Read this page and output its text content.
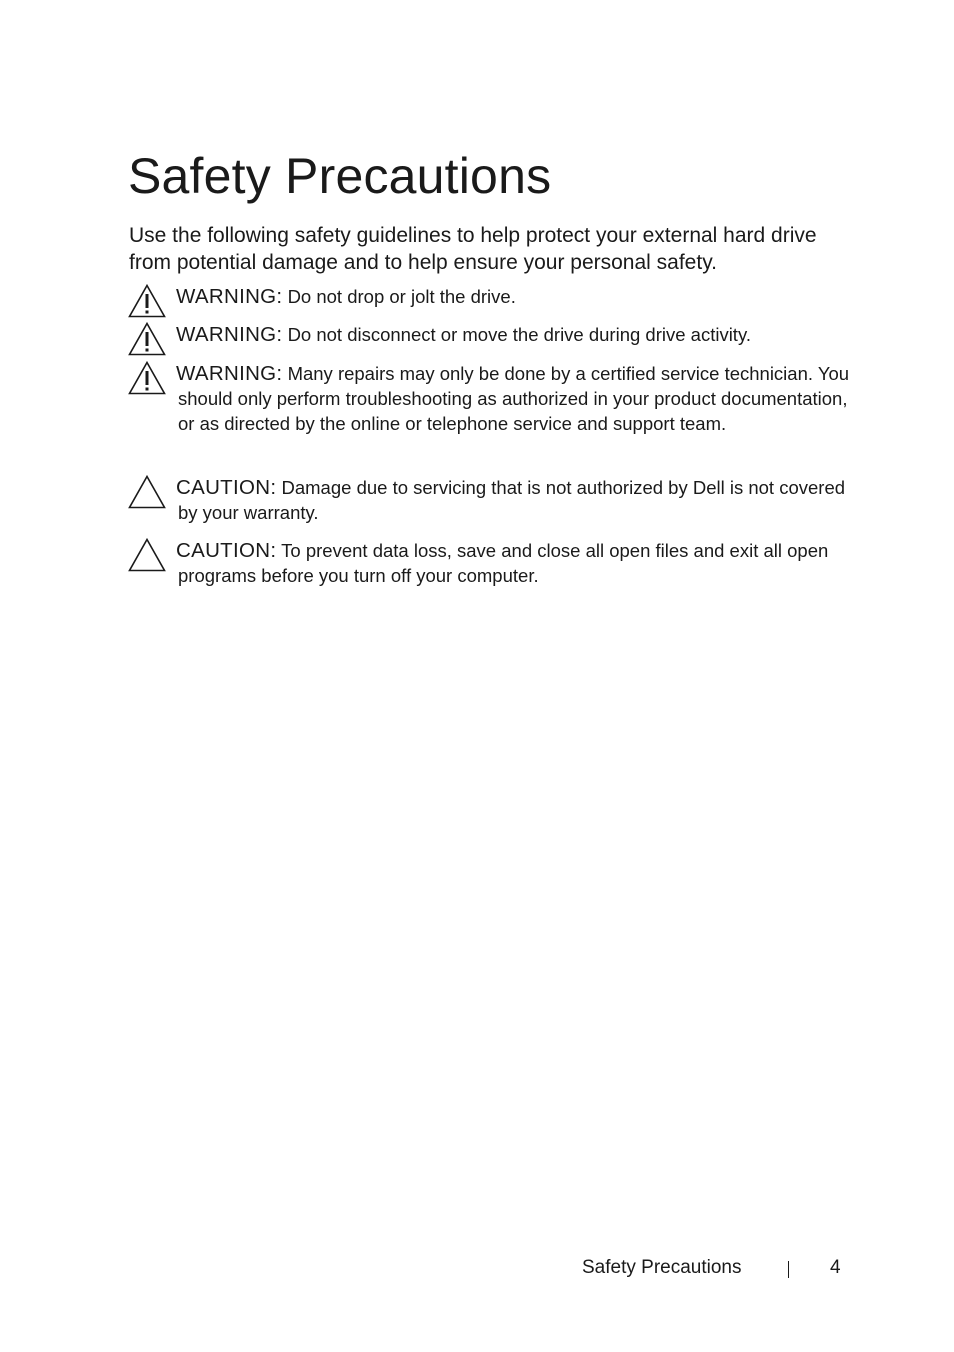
Safety Precautions

Use the following safety guidelines to help protect your external hard drive from potential damage and to help ensure your personal safety.

WARNING: Do not drop or jolt the drive.
WARNING: Do not disconnect or move the drive during drive activity.
WARNING: Many repairs may only be done by a certified service technician. You should only perform troubleshooting as authorized in your product documentation, or as directed by the online or telephone service and support team.
CAUTION: Damage due to servicing that is not authorized by Dell is not covered by your warranty.
CAUTION: To prevent data loss, save and close all open files and exit all open programs before you turn off your computer.
Safety Precautions	4
